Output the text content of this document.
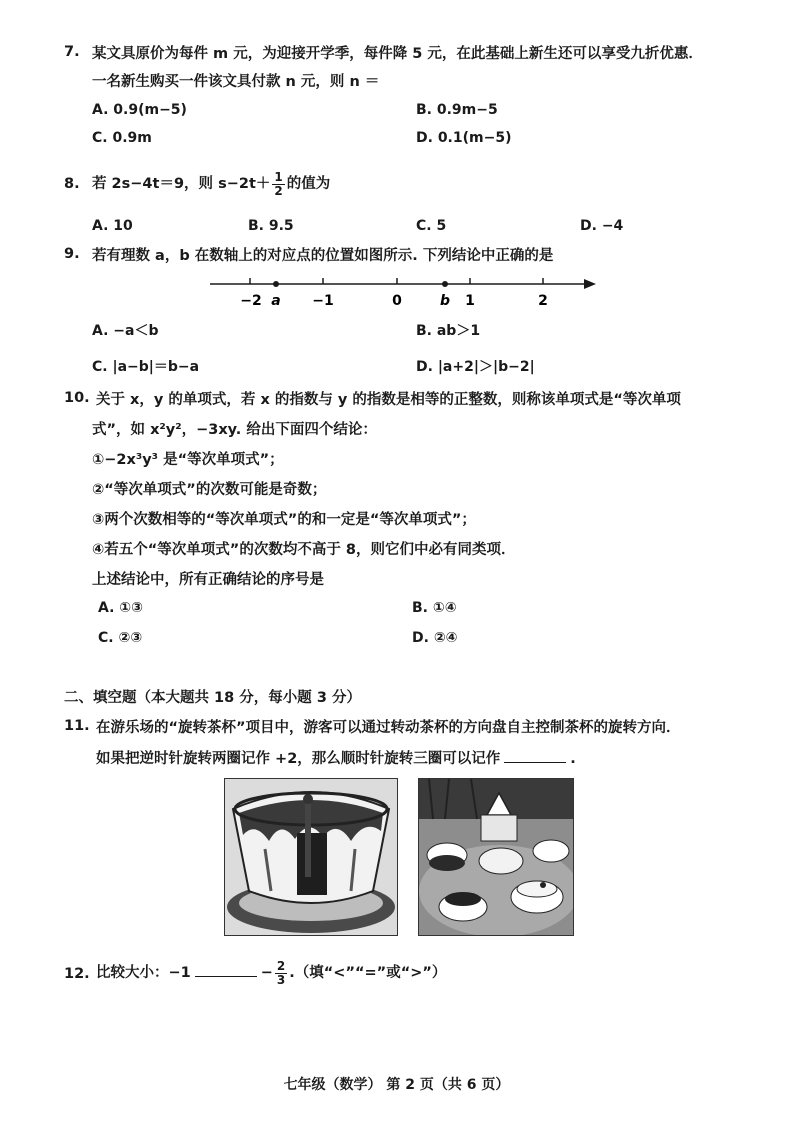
7. 某文具原价为每件 m 元，为迎接开学季，每件降 5 元，在此基础上新生还可以享受九折优惠．
一名新生购买一件该文具付款 n 元，则 n ＝
A. 0.9(m−5)	B. 0.9m−5
C. 0.9m	D. 0.1(m−5)
8. 若 2s−4t＝9，则 $s-2t+ \frac{1}{2}$ 的值为
A. 10	B. 9.5	C. 5	D. −4
9. 若有理数 a，b 在数轴上的对应点的位置如图所示. 下列结论中正确的是
−2 a −1	0	b 1	2
A. −a＜b	B. ab＞1
C. |a−b|＝b−a	D. |a+2|＞|b−2|
10. 关于 x，y 的单项式，若 x 的指数与 y 的指数是相等的正整数，则称该单项式是“等次单项
式”，如 x²y²，−3xy. 给出下面四个结论：
①−2x³y³ 是“等次单项式”；
②“等次单项式”的次数可能是奇数；
③两个次数相等的“等次单项式”的和一定是“等次单项式”；
④若五个“等次单项式”的次数均不高于 8，则它们中必有同类项．
上述结论中，所有正确结论的序号是
A. ①③	B. ①④
C. ②③	D. ②④
二、填空题（本大题共 18 分，每小题 3 分）
11. 在游乐场的“旋转茶杯”项目中，游客可以通过转动茶杯的方向盘自主控制茶杯的旋转方向．
如果把逆时针旋转两圈记作 +2，那么顺时针旋转三圈可以记作	.
12. 比较大小：−1	− $\frac{2}{3}$ .（填“<”“=”或“>”）
七年级（数学） 第 2 页（共 6 页）
